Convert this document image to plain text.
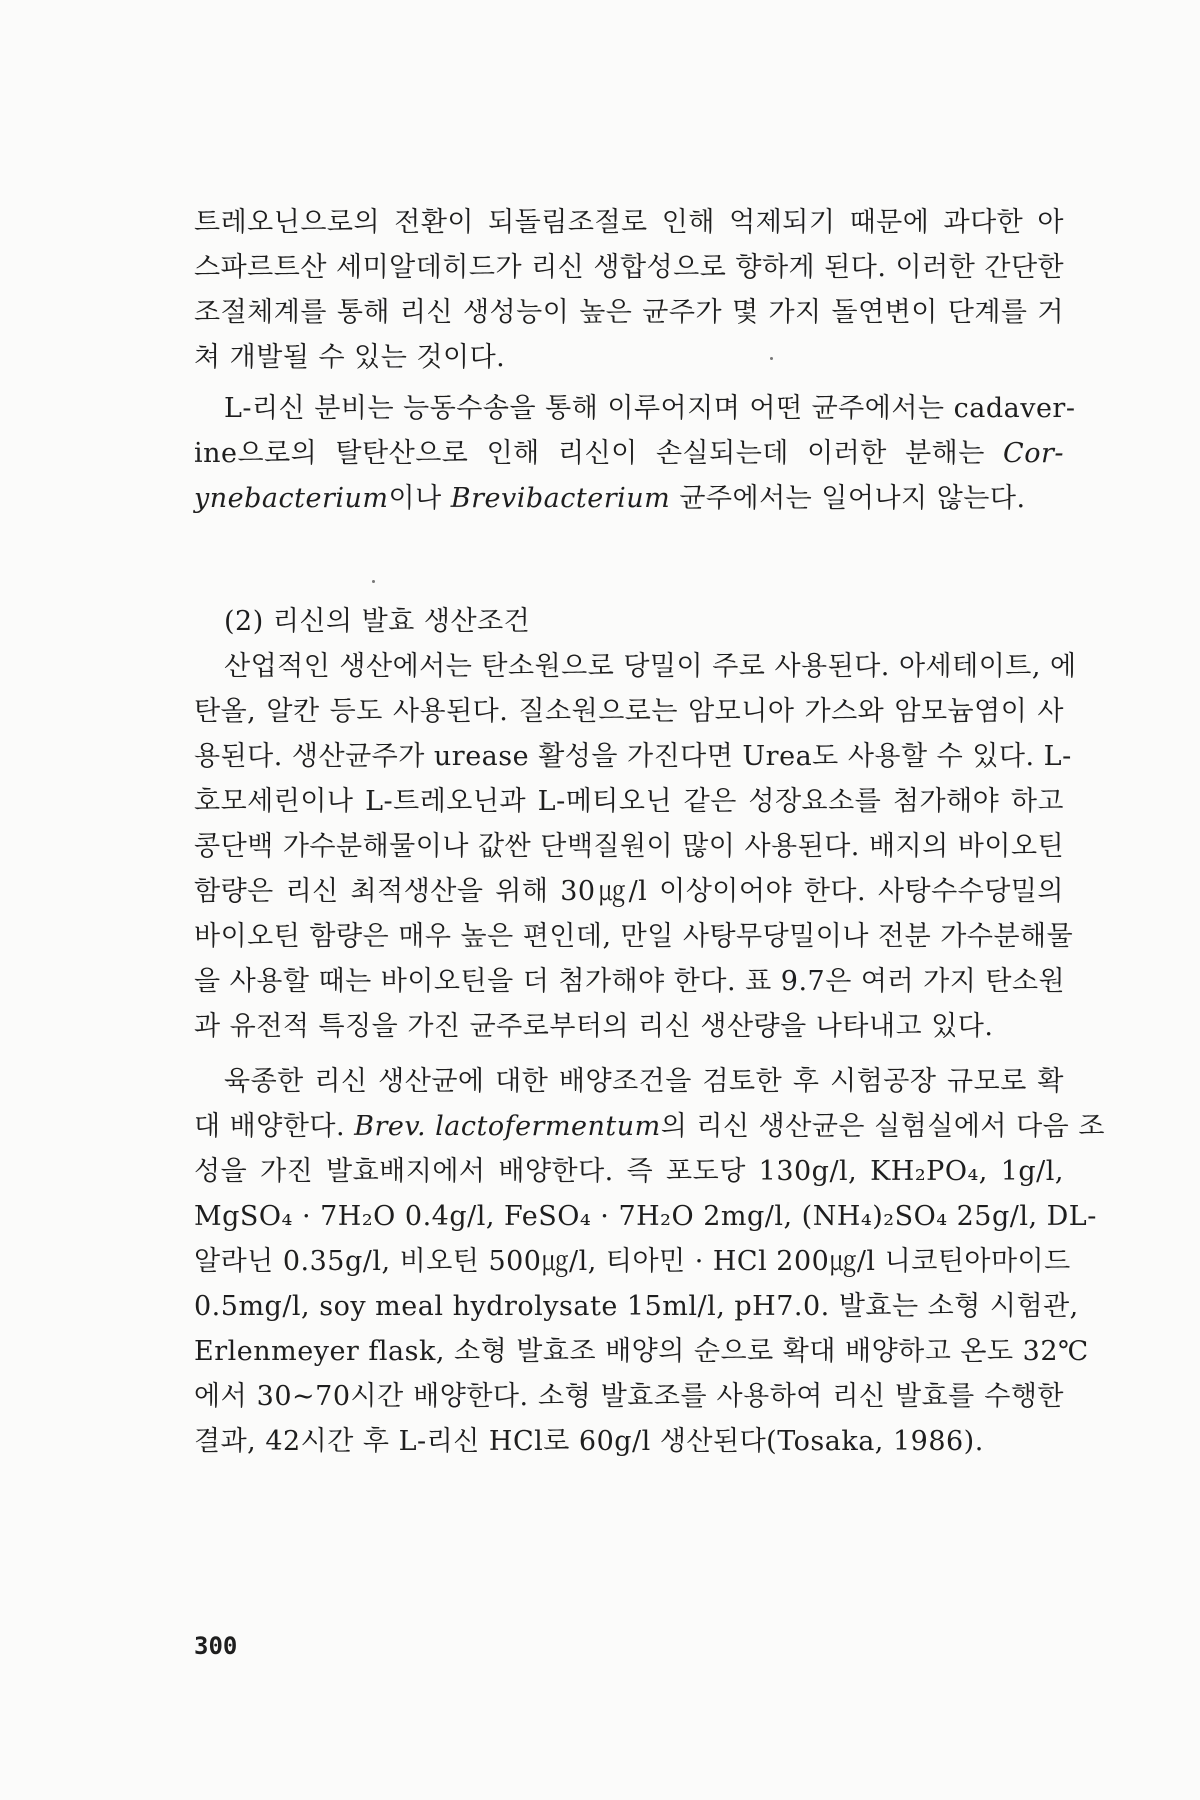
트레오닌으로의 전환이 되돌림조절로 인해 억제되기 때문에 과다한 아
스파르트산 세미알데히드가 리신 생합성으로 향하게 된다. 이러한 간단한
조절체계를 통해 리신 생성능이 높은 균주가 몇 가지 돌연변이 단계를 거
쳐 개발될 수 있는 것이다.
L-리신 분비는 능동수송을 통해 이루어지며 어떤 균주에서는 cadaver-
ine으로의 탈탄산으로 인해 리신이 손실되는데 이러한 분해는 Cor-
ynebacterium이나 Brevibacterium 균주에서는 일어나지 않는다.
(2) 리신의 발효 생산조건
산업적인 생산에서는 탄소원으로 당밀이 주로 사용된다. 아세테이트, 에
탄올, 알칸 등도 사용된다. 질소원으로는 암모니아 가스와 암모늄염이 사
용된다. 생산균주가 urease 활성을 가진다면 Urea도 사용할 수 있다. L-
호모세린이나 L-트레오닌과 L-메티오닌 같은 성장요소를 첨가해야 하고
콩단백 가수분해물이나 값싼 단백질원이 많이 사용된다. 배지의 바이오틴
함량은 리신 최적생산을 위해 30㎍/l 이상이어야 한다. 사탕수수당밀의
바이오틴 함량은 매우 높은 편인데, 만일 사탕무당밀이나 전분 가수분해물
을 사용할 때는 바이오틴을 더 첨가해야 한다. 표 9.7은 여러 가지 탄소원
과 유전적 특징을 가진 균주로부터의 리신 생산량을 나타내고 있다.
육종한 리신 생산균에 대한 배양조건을 검토한 후 시험공장 규모로 확
대 배양한다. Brev. lactofermentum의 리신 생산균은 실험실에서 다음 조
성을 가진 발효배지에서 배양한다. 즉 포도당 130g/l, KH₂PO₄, 1g/l,
MgSO₄ · 7H₂O 0.4g/l, FeSO₄ · 7H₂O 2mg/l, (NH₄)₂SO₄ 25g/l, DL-
알라닌 0.35g/l, 비오틴 500㎍/l, 티아민 · HCl 200㎍/l 니코틴아마이드
0.5mg/l, soy meal hydrolysate 15ml/l, pH7.0. 발효는 소형 시험관,
Erlenmeyer flask, 소형 발효조 배양의 순으로 확대 배양하고 온도 32℃
에서 30∼70시간 배양한다. 소형 발효조를 사용하여 리신 발효를 수행한
결과, 42시간 후 L-리신 HCl로 60g/l 생산된다(Tosaka, 1986).
300
